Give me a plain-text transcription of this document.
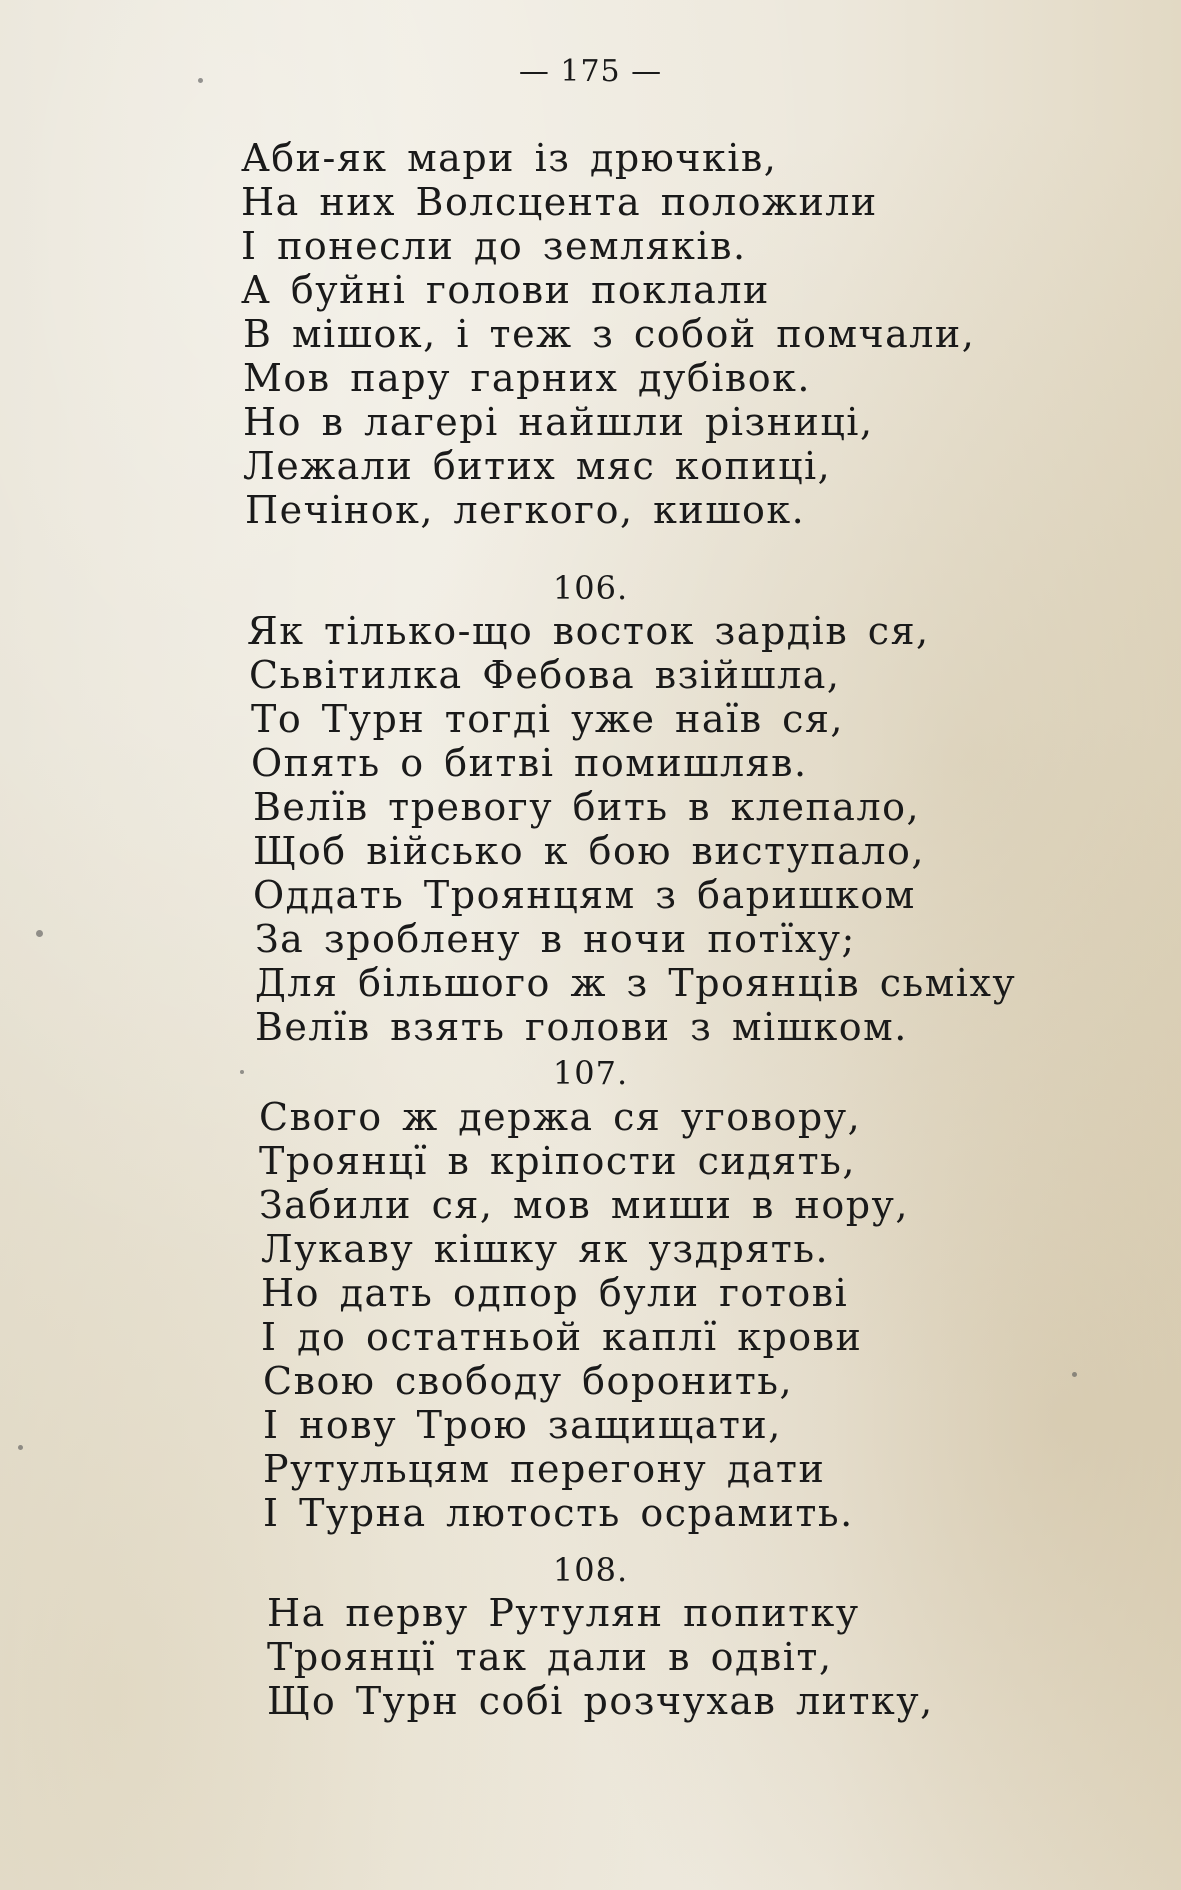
— 175 —
Аби-як мари із дрючків,
На них Волсцента положили
І понесли до земляків.
А буйні голови поклали
В мішок, і теж з собой помчали,
Мов пару гарних дубівок.
Но в лагері найшли різниці,
Лежали битих мяс копиці,
Печінок, легкого, кишок.
106.
Як тілько-що восток зардів ся,
Сьвітилка Фебова взійшла,
То Турн тогді уже наїв ся,
Опять о битві помишляв.
Велїв тревогу бить в клепало,
Щоб військо к бою виступало,
Оддать Троянцям з баришком
За зроблену в ночи потїху;
Для більшого ж з Троянців сьміху
Велїв взять голови з мішком.
107.
Свого ж держа ся уговору,
Троянцї в кріпости сидять,
Забили ся, мов миши в нору,
Лукаву кішку як уздрять.
Но дать одпор були готові
І до остатньой каплї крови
Свою свободу боронить,
І нову Трою защищати,
Рутульцям перегону дати
І Турна лютость осрамить.
108.
На перву Рутулян попитку
Троянцї так дали в одвіт,
Що Турн собі розчухав литку,
